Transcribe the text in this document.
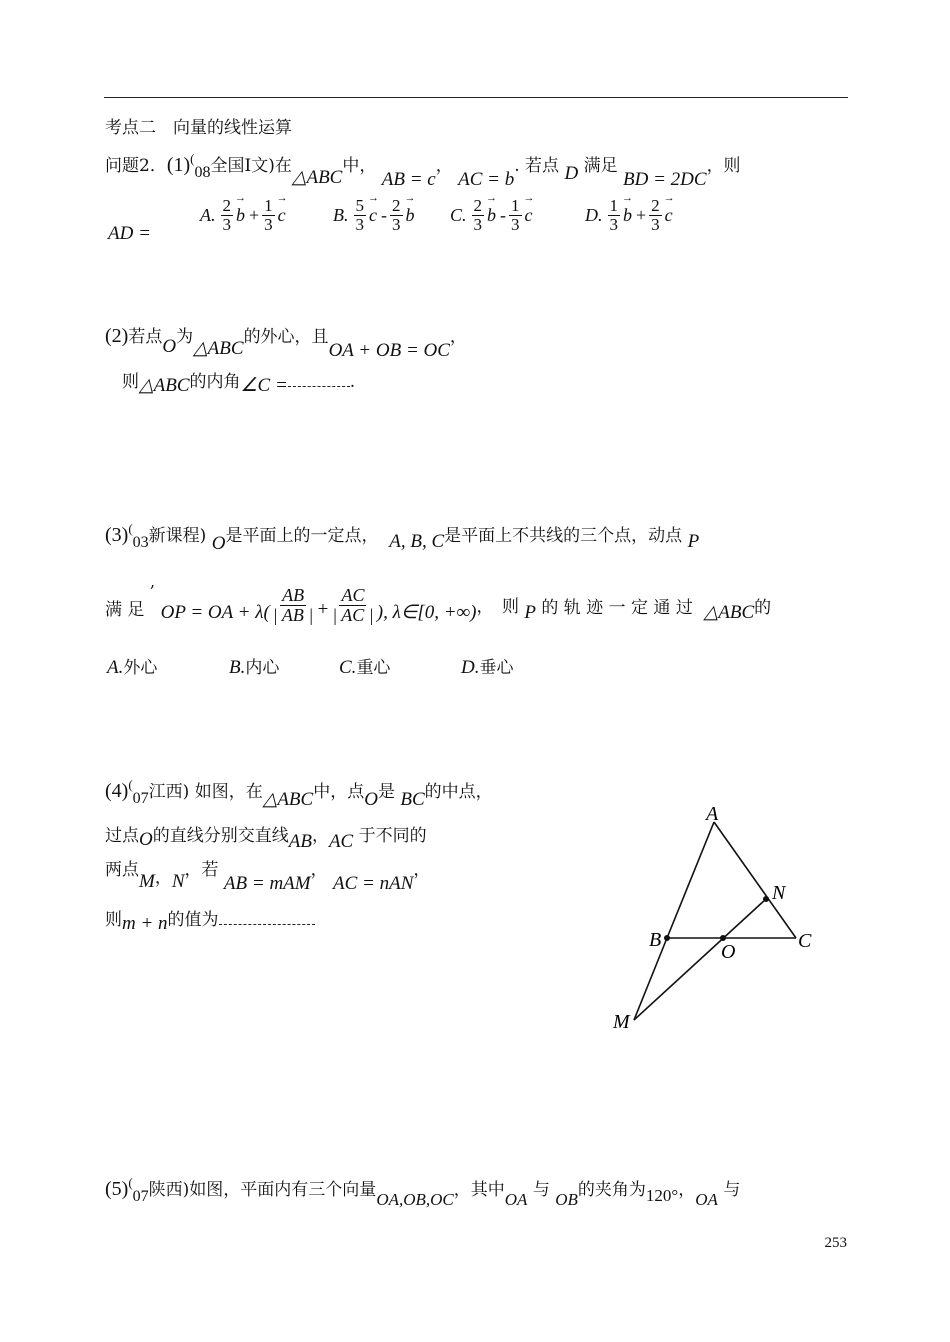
考点二　向量的线性运算
问题2．(1)(08全国Ⅰ文)在△ABC中， AB = c， AC = b. 若点 D 满足 BD = 2DC，则
AD =
A. $\frac{2}{3}$
→ $b + \frac{1}{3}$
→ c	B. $\frac{5}{3}$
→ c - $\frac{2}{3}$
→ b C. $\frac{2}{3}$
→ b - $\frac{1}{3}$
→ c	D. $\frac{1}{3}$
→ $b + \frac{2}{3}$
→ c
(2)若点O为△ABC的外心，且OA + OB = OC，
则△ABC的内角∠C =	.
(3)(03新课程) O是平面上的一定点， A, B, C是平面上不共线的三个点，动点 P
,
满 足
OP = OA + $\lambda( \frac{AB}{| AB |} + \frac{AC}{| AC |}$ ), λ∈[0, +∞) ，　则
P
的 轨 迹 一 定 通 过
△ABC 的
A.外心	B.内心	C.重心	D.垂心
(4)(07江西) 如图，在△ABC中，点O是 BC的中点，
过点O的直线分别交直线AB，AC 于不同的
两点M，N，若 AB = mAM， AC = nAN，
则m + n的值为
A
B	C
O
N
M
(5)(07陕西)如图，平面内有三个向量OA,OB,OC，其中OA 与 OB的夹角为120°，OA 与
253
